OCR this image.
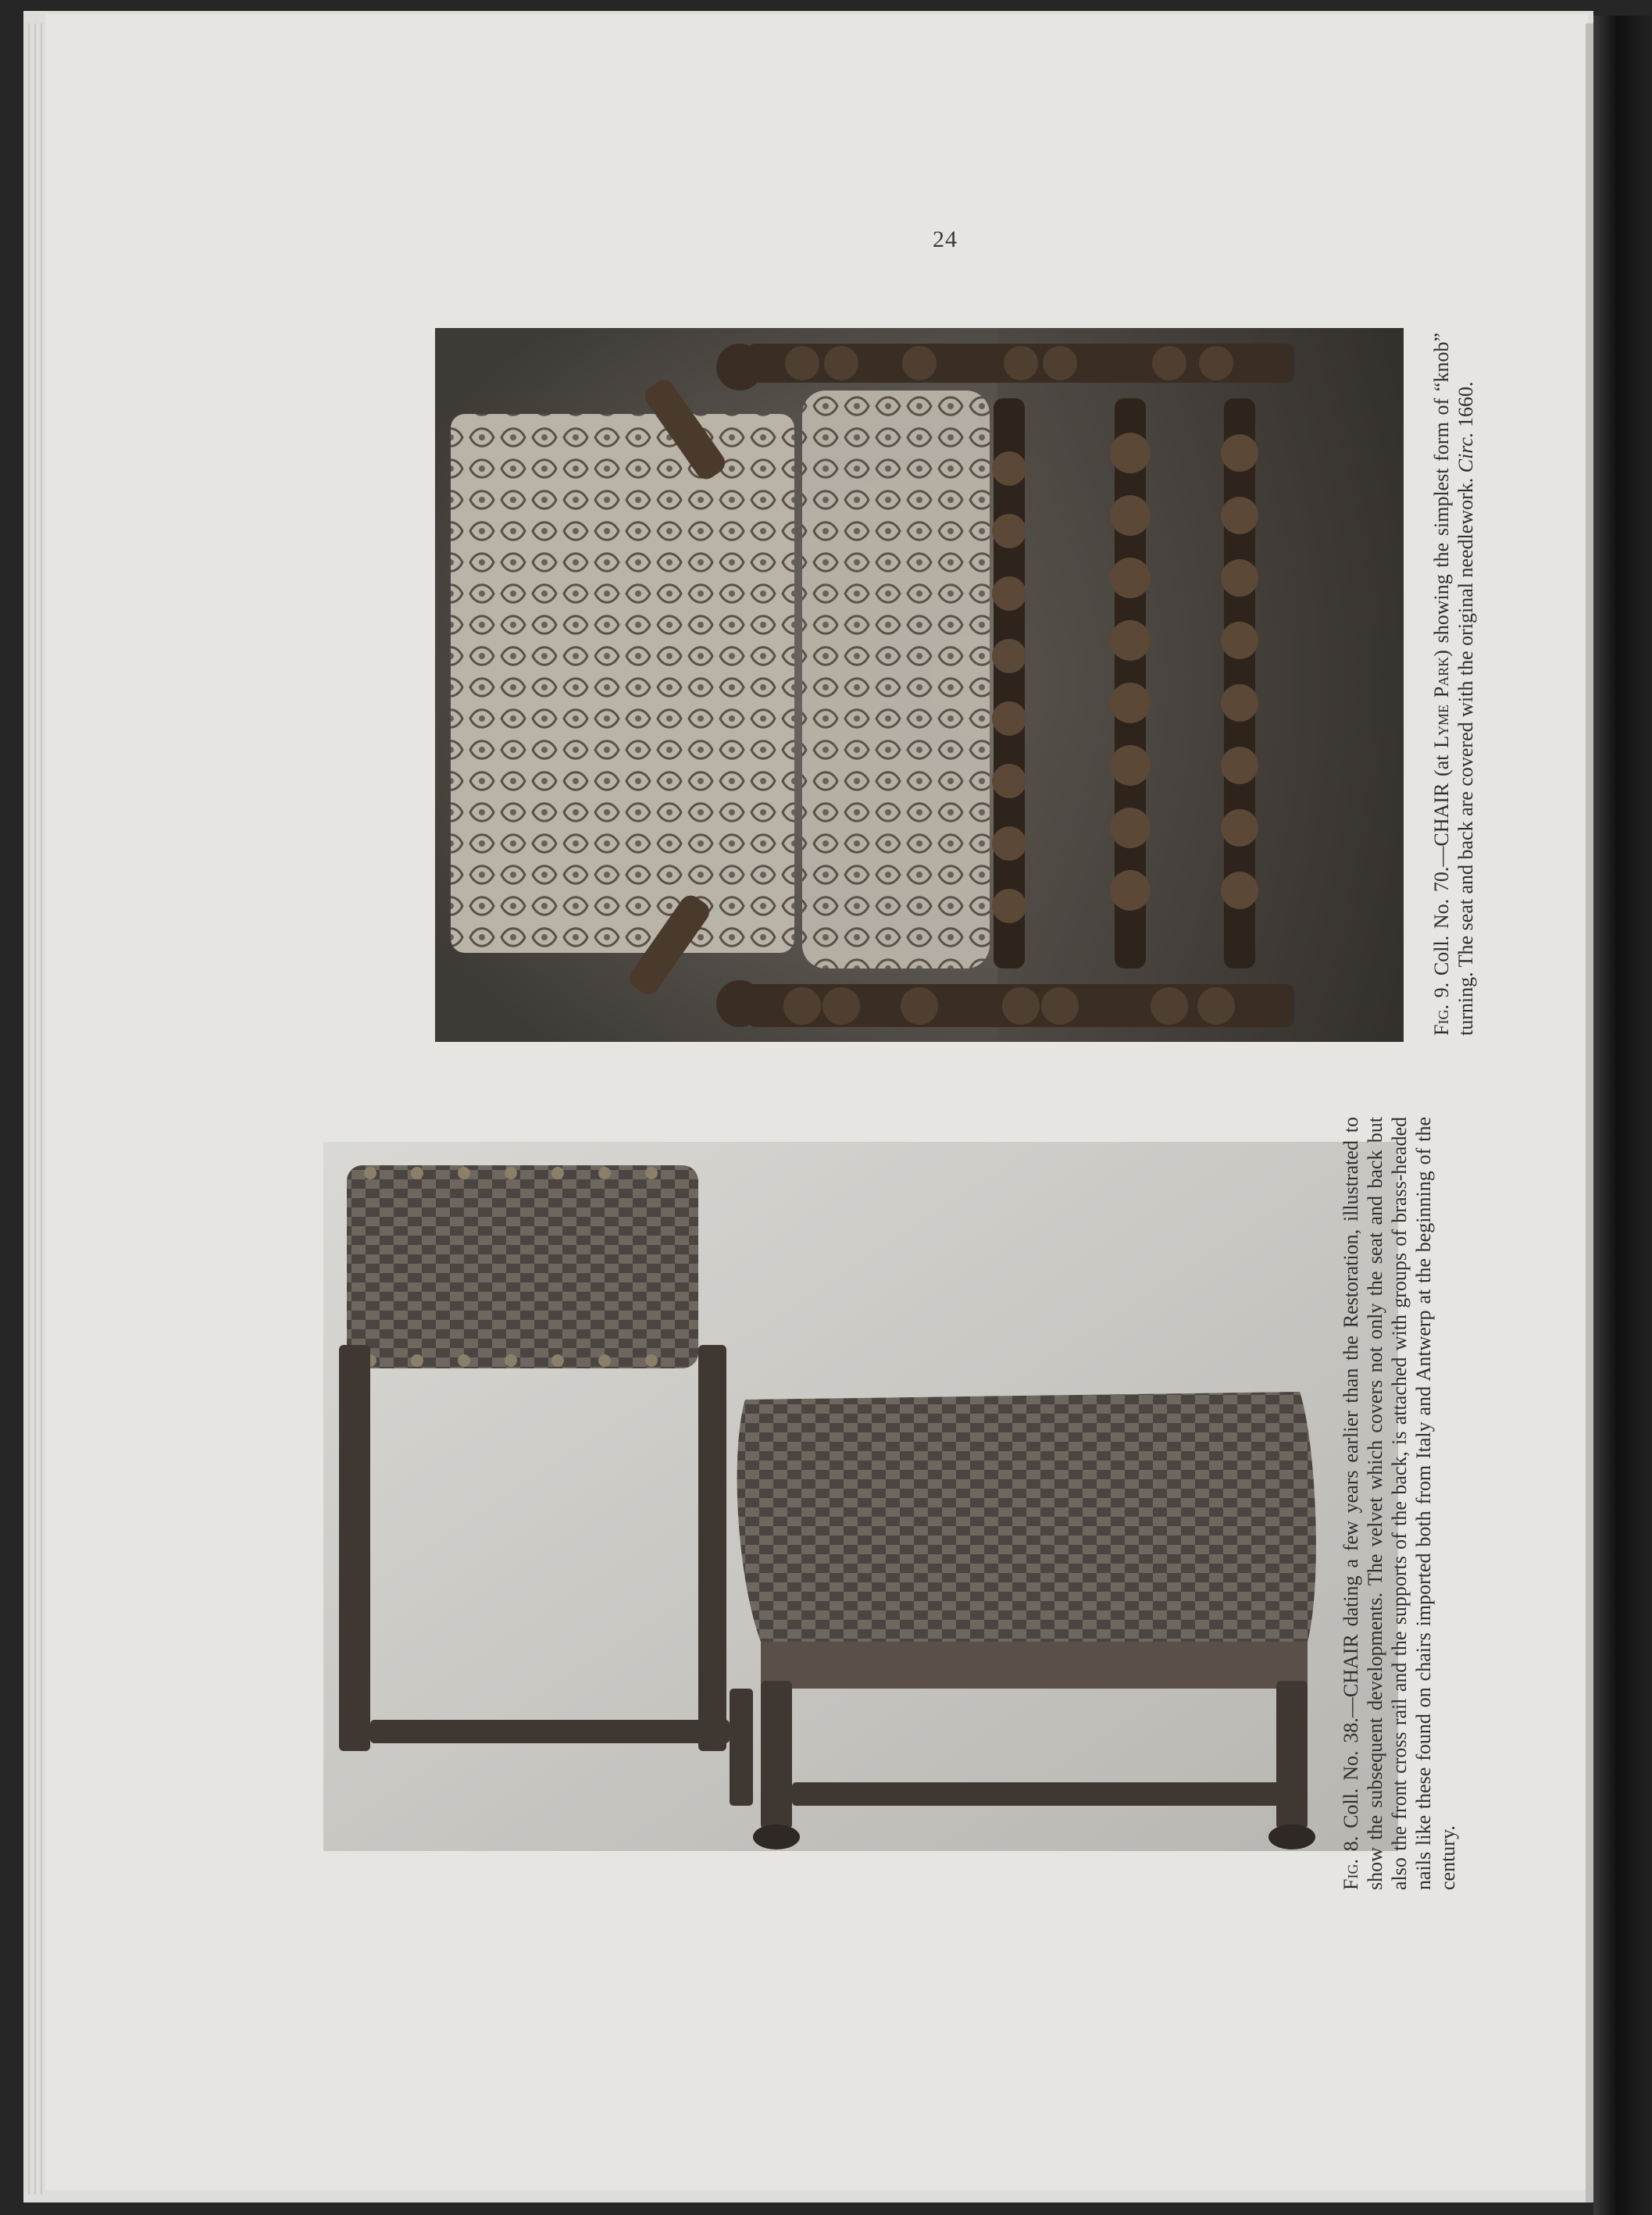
24
Fig. 9. Coll. No. 70.—CHAIR (at Lyme Park) showing the simplest form of “knob” turning. The seat and back are covered with the original needlework. Circ. 1660.
Fig. 8. Coll. No. 38.—CHAIR dating a few years earlier than the Restoration, illustrated to show the subsequent developments. The velvet which covers not only the seat and back but also the front cross rail and the supports of the back, is attached with groups of brass-headed nails like these found on chairs imported both from Italy and Antwerp at the beginning of the century.
